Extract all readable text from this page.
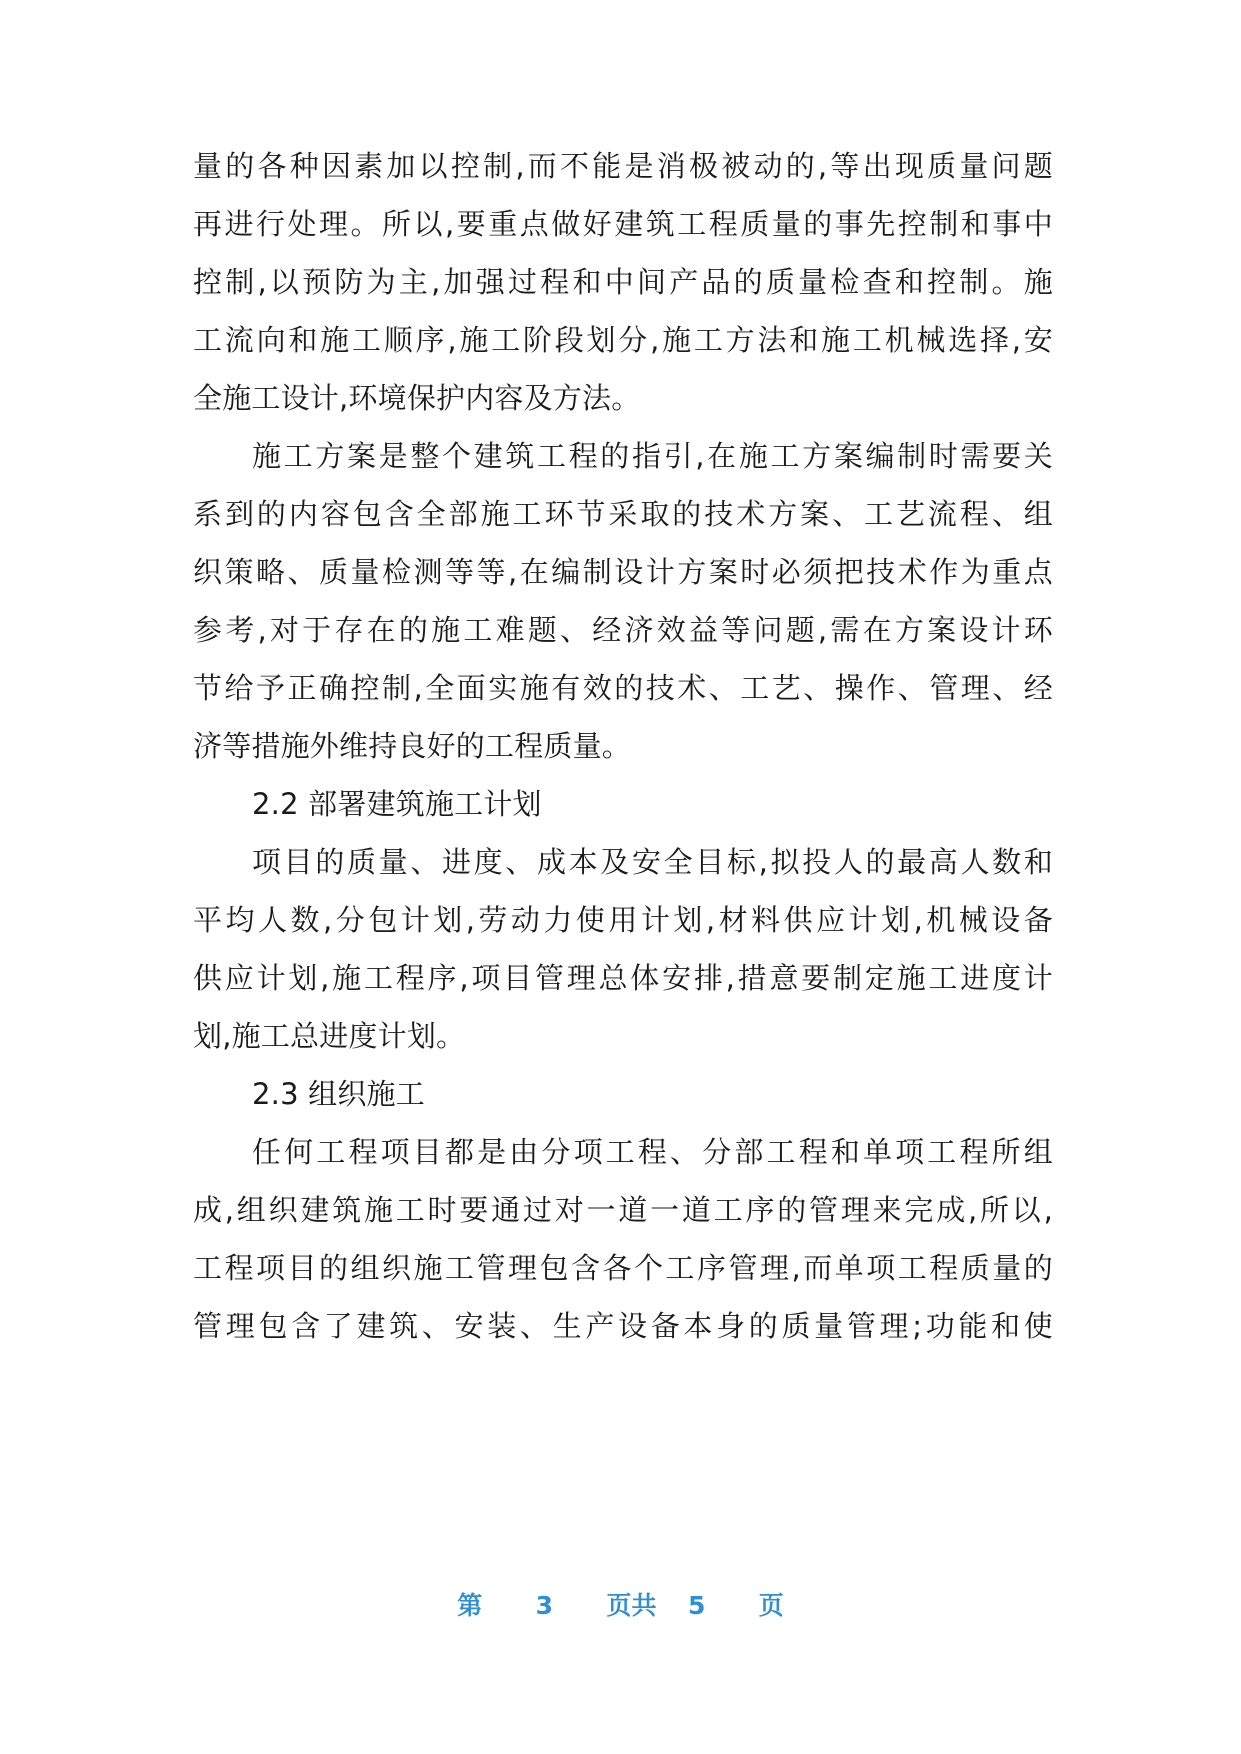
量的各种因素加以控制,而不能是消极被动的,等出现质量问题
再进行处理。所以,要重点做好建筑工程质量的事先控制和事中
控制,以预防为主,加强过程和中间产品的质量检查和控制。施
工流向和施工顺序,施工阶段划分,施工方法和施工机械选择,安
全施工设计,环境保护内容及方法。
施工方案是整个建筑工程的指引,在施工方案编制时需要关
系到的内容包含全部施工环节采取的技术方案、工艺流程、组
织策略、质量检测等等,在编制设计方案时必须把技术作为重点
参考,对于存在的施工难题、经济效益等问题,需在方案设计环
节给予正确控制,全面实施有效的技术、工艺、操作、管理、经
济等措施外维持良好的工程质量。
2.2 部署建筑施工计划
项目的质量、进度、成本及安全目标,拟投人的最高人数和
平均人数,分包计划,劳动力使用计划,材料供应计划,机械设备
供应计划,施工程序,项目管理总体安排,措意要制定施工进度计
划,施工总进度计划。
2.3 组织施工
任何工程项目都是由分项工程、分部工程和单项工程所组
成,组织建筑施工时要通过对一道一道工序的管理来完成,所以,
工程项目的组织施工管理包含各个工序管理,而单项工程质量的
管理包含了建筑、安装、生产设备本身的质量管理;功能和使
第 3 页共 5 页
